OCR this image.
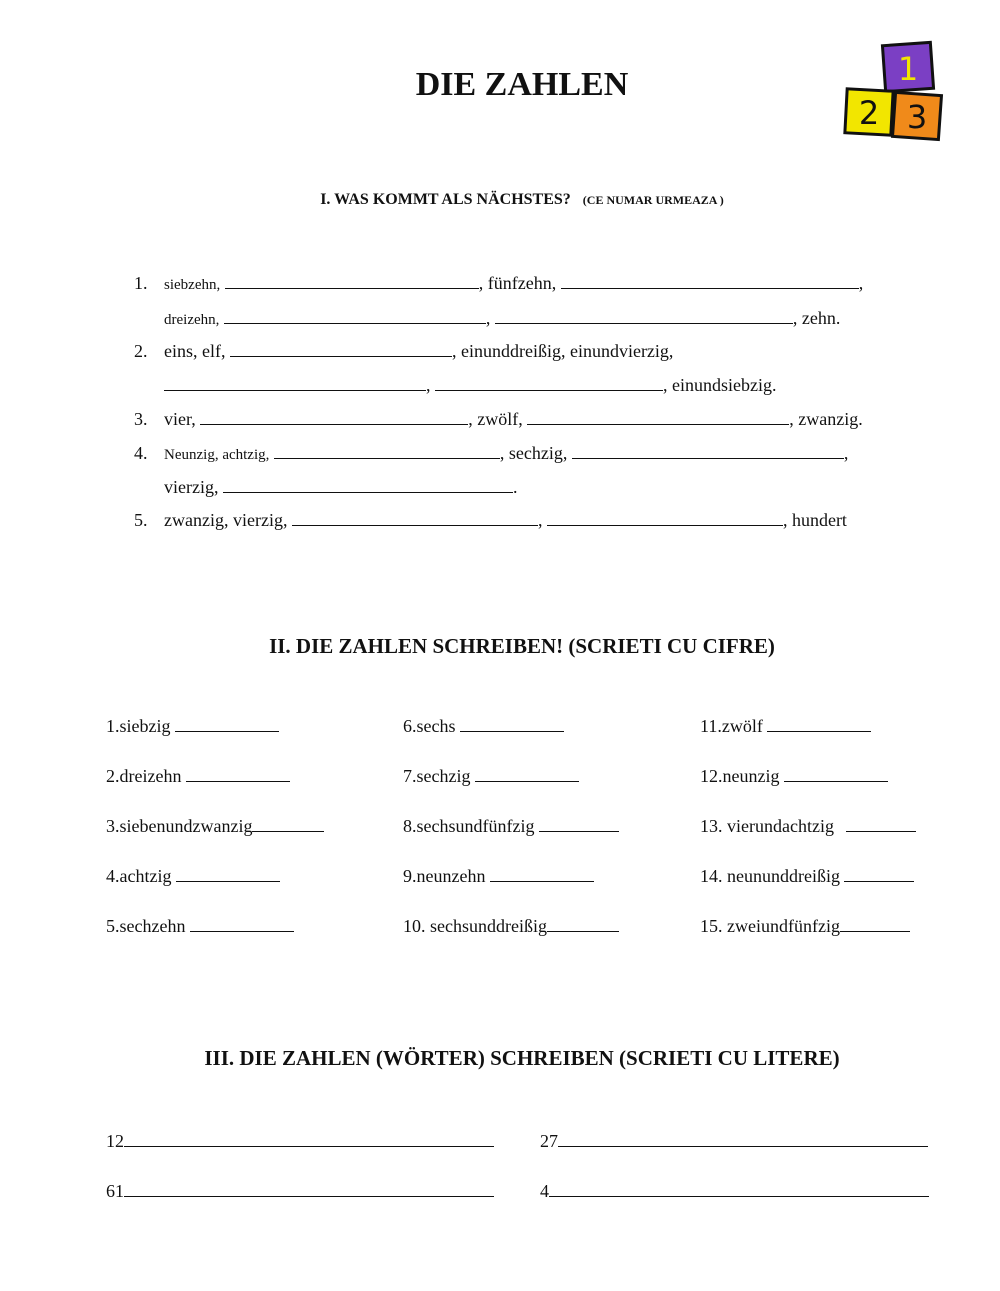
DIE ZAHLEN	1
2 3
I. WAS KOMMT ALS NÄCHSTES? (CE NUMAR URMEAZA )
1. siebzehn,	, fünfzehn,	,
dreizehn,	,	, zehn.
2. eins, elf,	, einunddreißig, einundvierzig,
,	, einundsiebzig.
3. vier,	, zwölf,	, zwanzig.
4. Neunzig, achtzig,	, sechzig,	,
vierzig,	.
5. zwanzig, vierzig,	,	, hundert
II. DIE ZAHLEN SCHREIBEN! (SCRIETI CU CIFRE)
1.siebzig
2.dreizehn
3.siebenundzwanzig
4.achtzig
5.sechzehn
6.sechs
7.sechzig
8.sechsundfünfzig
9.neunzehn
10. sechsunddreißig
11.zwölf
12.neunzig
13. vierundachtzig
14. neununddreißig
15. zweiundfünfzig
III. DIE ZAHLEN (WÖRTER) SCHREIBEN (SCRIETI CU LITERE)
12	27
61	4
